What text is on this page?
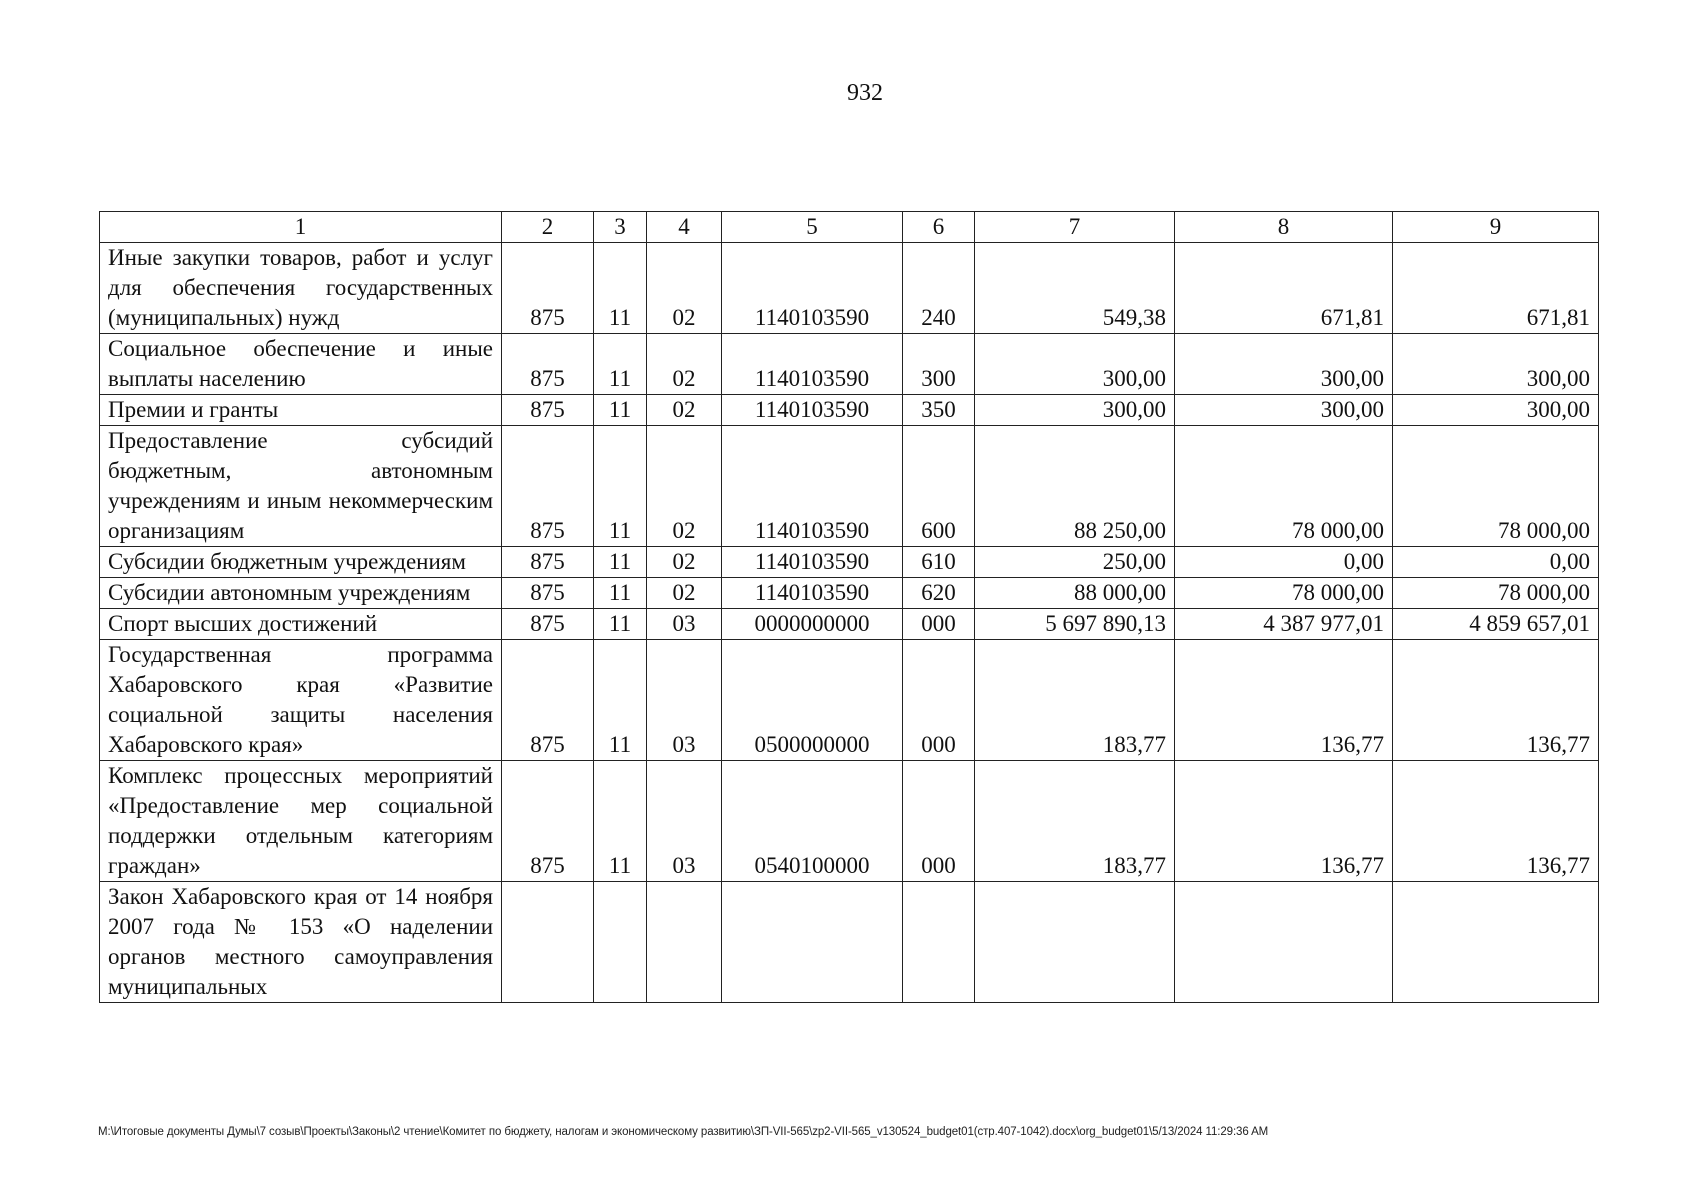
932
1	2	3	4	5	6	7	8	9
Иные закупки товаров, работ и услуг для обеспечения государственных (муниципальных) нужд	875	11	02	1140103590	240	549,38	671,81	671,81
Социальное обеспечение и иные выплаты населению	875	11	02	1140103590	300	300,00	300,00	300,00
Премии и гранты	875	11	02	1140103590	350	300,00	300,00	300,00
Предоставление субсидий бюджетным, автономным учреждениям и иным некоммерческим организациям	875	11	02	1140103590	600	88 250,00	78 000,00	78 000,00
Субсидии бюджетным учреждениям	875	11	02	1140103590	610	250,00	0,00	0,00
Субсидии автономным учреждениям	875	11	02	1140103590	620	88 000,00	78 000,00	78 000,00
Спорт высших достижений	875	11	03	0000000000	000	5 697 890,13	4 387 977,01	4 859 657,01
Государственная программа Хабаровского края «Развитие социальной защиты населения Хабаровского края»	875	11	03	0500000000	000	183,77	136,77	136,77
Комплекс процессных мероприятий «Предоставление мер социальной поддержки отдельным категориям граждан»	875	11	03	0540100000	000	183,77	136,77	136,77
Закон Хабаровского края от 14 ноября 2007 года № 153 «О наделении органов местного самоуправления муниципальных								
M:\Итоговые документы Думы\7 созыв\Проекты\Законы\2 чтение\Комитет по бюджету, налогам и экономическому развитию\ЗП-VII-565\zp2-VII-565_v130524_budget01(стр.407-1042).docx\org_budget01\5/13/2024 11:29:36 AM
